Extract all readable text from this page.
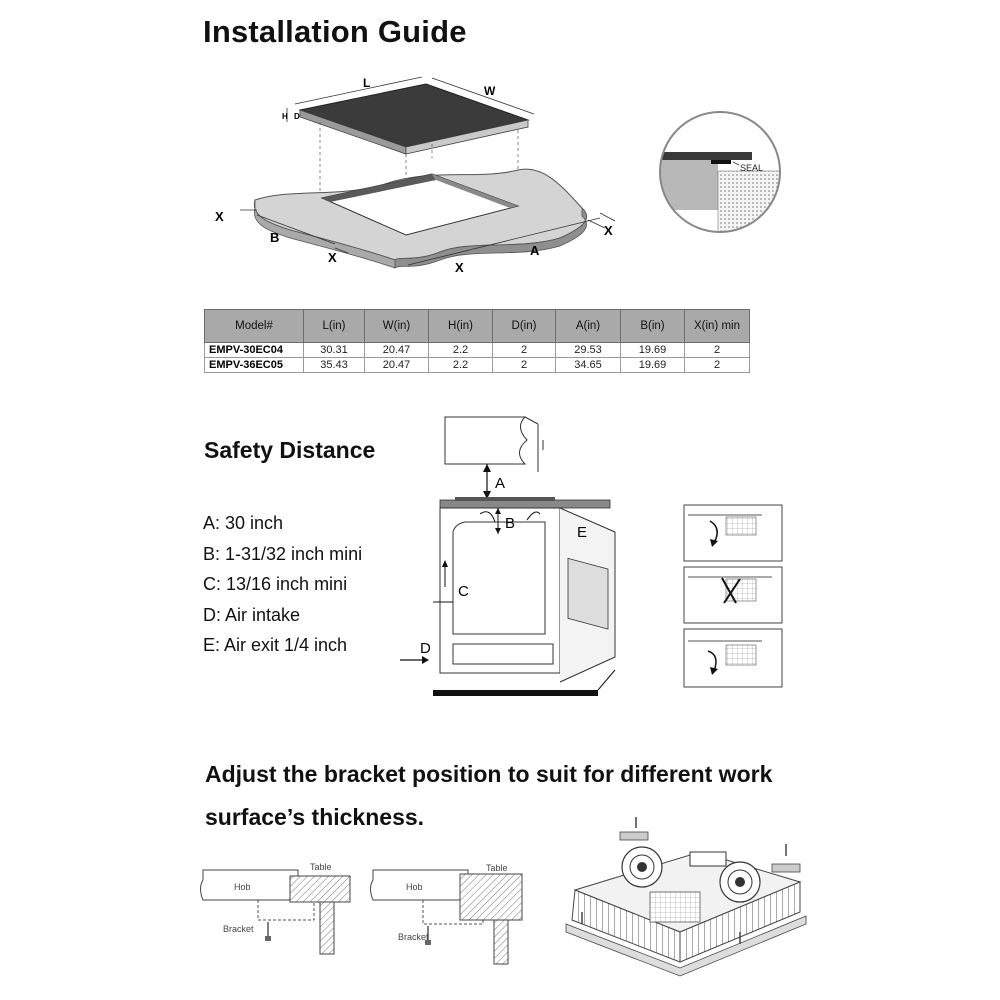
Installation Guide
L
W
H D
X
B
X
X
A
X
SEAL
Model#	L(in)	W(in)	H(in)	D(in)	A(in)	B(in)	X(in) min
EMPV-30EC04	30.31	20.47	2.2	2	29.53	19.69	2
EMPV-36EC05	35.43	20.47	2.2	2	34.65	19.69	2
Safety Distance
A: 30 inch
B: 1-31/32 inch mini
C: 13/16 inch mini
D: Air intake
E: Air exit 1/4 inch
A
B
C
D
E
Adjust the bracket position to suit for different work
surface’s thickness.
Hob
Table
Bracket
Hob
Table
Bracket
